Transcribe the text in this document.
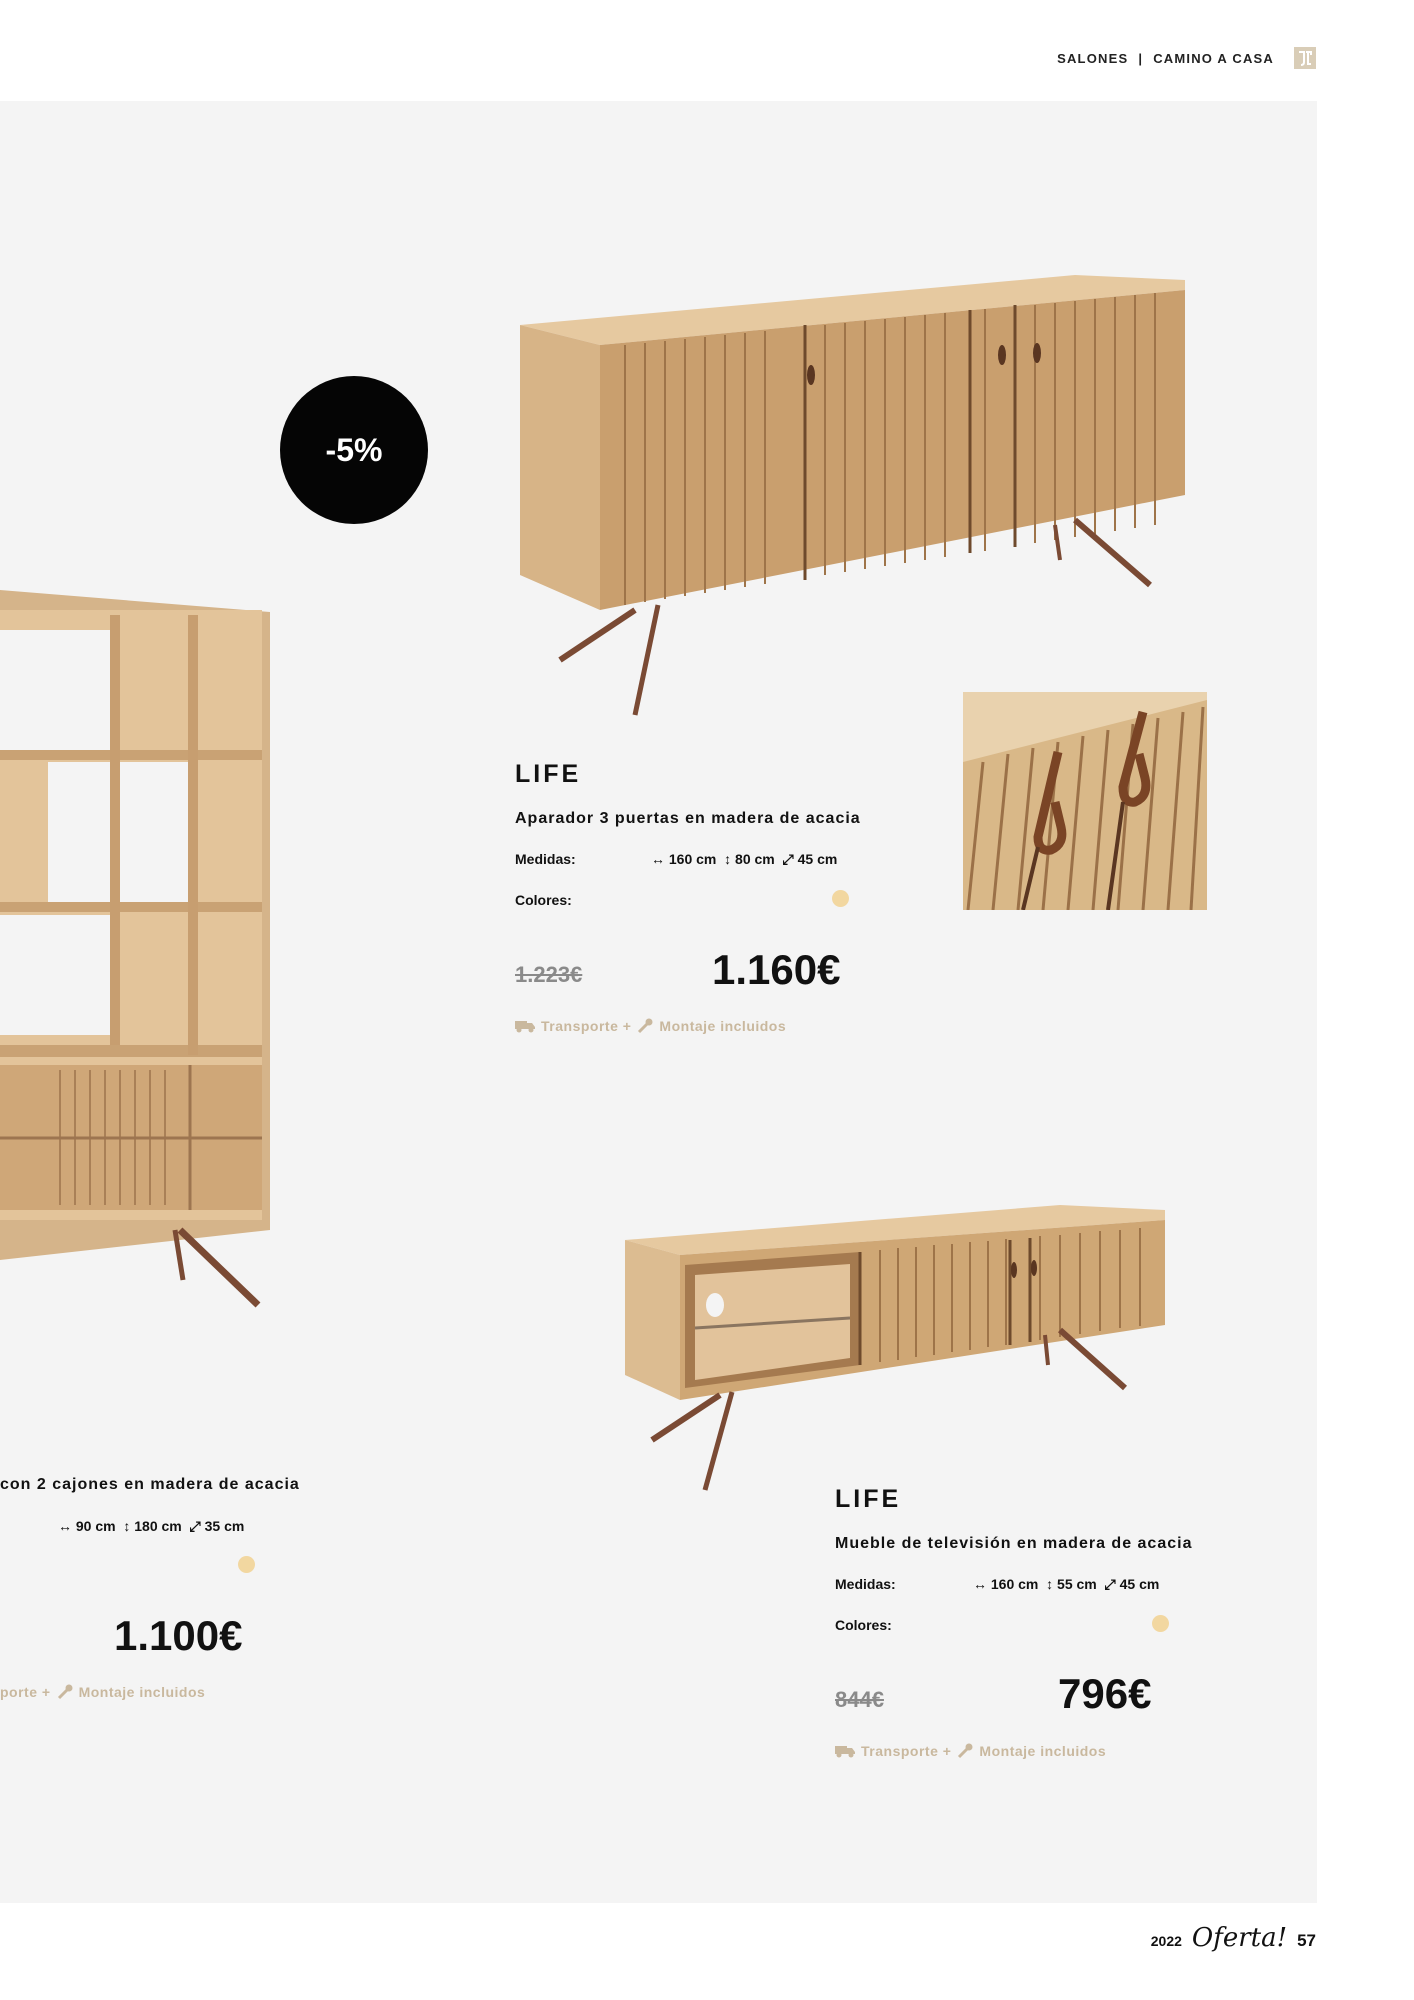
SALONES | CAMINO A CASA
-5%
LIFE
Aparador 3 puertas en madera de acacia
Medidas:	↔ 160 cm ↕ 80 cm ⤢ 45 cm
Colores:
1.223€	1.160€
Transporte + Montaje incluidos
con 2 cajones en madera de acacia
↔ 90 cm ↕ 180 cm ⤢ 35 cm
1.100€
porte + Montaje incluidos
LIFE
Mueble de televisión en madera de acacia
Medidas:	↔ 160 cm ↕ 55 cm ⤢ 45 cm
Colores:
844€	796€
Transporte + Montaje incluidos
2022 Oferta! 57
